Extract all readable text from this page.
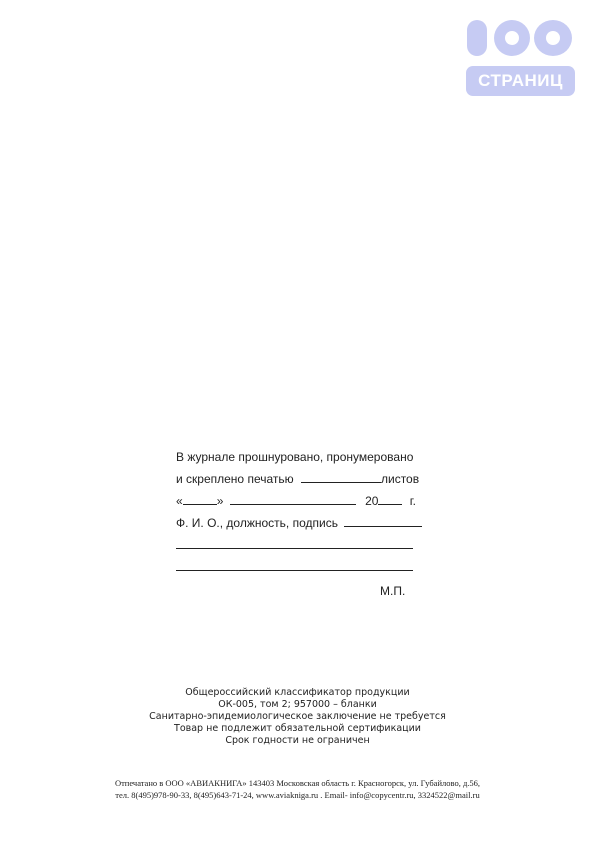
СТРАНИЦ
В журнале прошнуровано, пронумеровано
и скреплено печатью	листов
«	»	20	г.
Ф. И. О., должность, подпись
М.П.
Общероссийский классификатор продукции
ОК-005, том 2; 957000 – бланки
Санитарно-эпидемиологическое заключение не требуется
Товар не подлежит обязательной сертификации
Срок годности не ограничен
Отпечатано в ООО «АВИАКНИГА» 143403 Московская область г. Красногорск, ул. Губайлово, д.56,
тел. 8(495)978-90-33, 8(495)643-71-24, www.aviaknigа.ru . Email- info@copycentr.ru, 3324522@mail.ru
